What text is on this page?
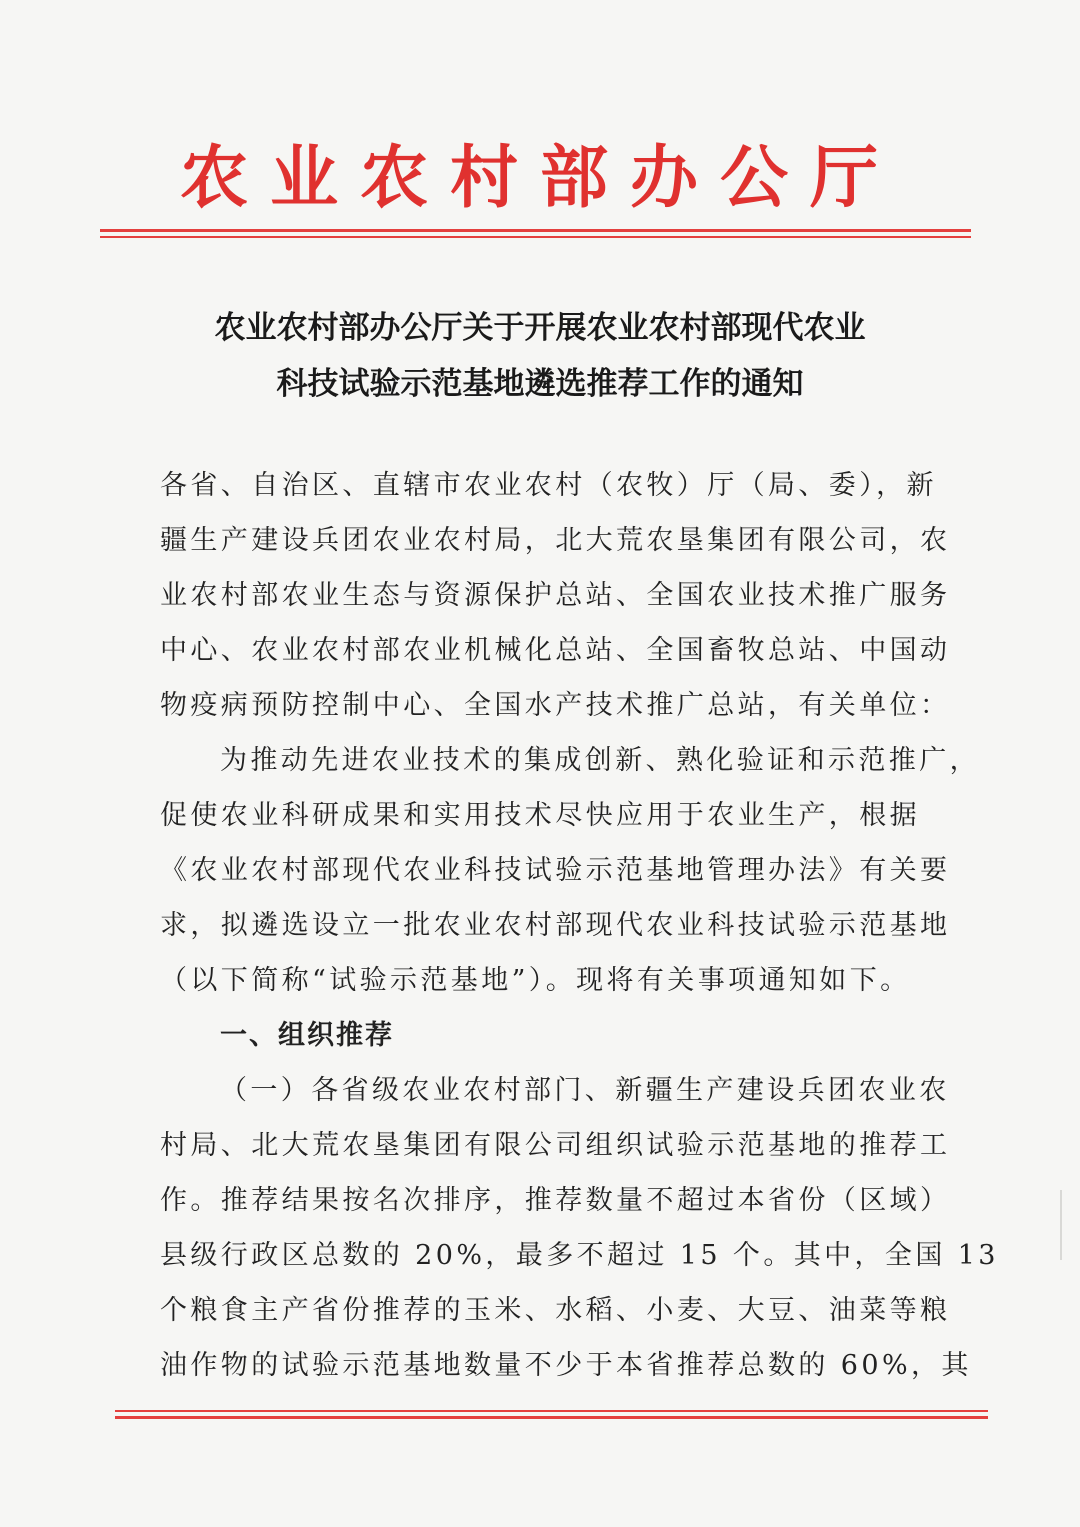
农业农村部办公厅
农业农村部办公厅关于开展农业农村部现代农业
科技试验示范基地遴选推荐工作的通知
各省、自治区、直辖市农业农村（农牧）厅（局、委），新
疆生产建设兵团农业农村局，北大荒农垦集团有限公司，农
业农村部农业生态与资源保护总站、全国农业技术推广服务
中心、农业农村部农业机械化总站、全国畜牧总站、中国动
物疫病预防控制中心、全国水产技术推广总站，有关单位：
为推动先进农业技术的集成创新、熟化验证和示范推广，
促使农业科研成果和实用技术尽快应用于农业生产，根据
《农业农村部现代农业科技试验示范基地管理办法》有关要
求，拟遴选设立一批农业农村部现代农业科技试验示范基地
（以下简称“试验示范基地”）。现将有关事项通知如下。
一、组织推荐
（一）各省级农业农村部门、新疆生产建设兵团农业农
村局、北大荒农垦集团有限公司组织试验示范基地的推荐工
作。推荐结果按名次排序，推荐数量不超过本省份（区域）
县级行政区总数的 20%，最多不超过 15 个。其中，全国 13
个粮食主产省份推荐的玉米、水稻、小麦、大豆、油菜等粮
油作物的试验示范基地数量不少于本省推荐总数的 60%，其
